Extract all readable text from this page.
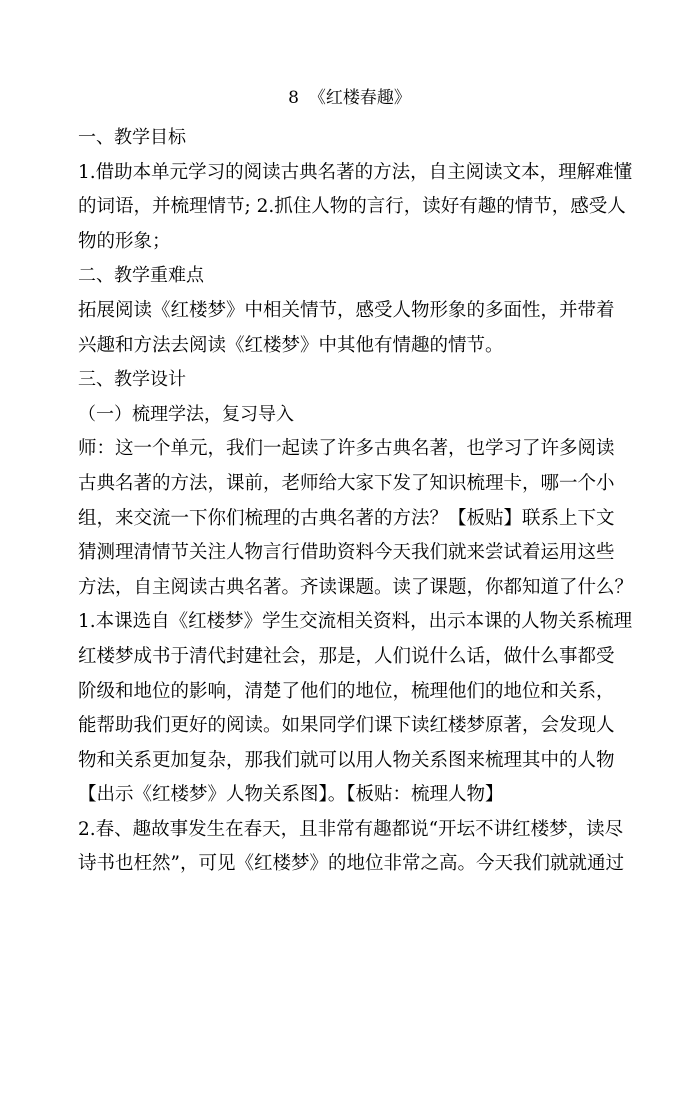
8 《红楼春趣》
一、教学目标
1.借助本单元学习的阅读古典名著的方法，自主阅读文本，理解难懂
的词语，并梳理情节; 2.抓住人物的言行，读好有趣的情节，感受人
物的形象；
二、教学重难点
拓展阅读《红楼梦》中相关情节，感受人物形象的多面性，并带着
兴趣和方法去阅读《红楼梦》中其他有情趣的情节。
三、教学设计
（一）梳理学法，复习导入
师：这一个单元，我们一起读了许多古典名著，也学习了许多阅读
古典名著的方法，课前，老师给大家下发了知识梳理卡，哪一个小
组，来交流一下你们梳理的古典名著的方法？【板贴】联系上下文
猜测理清情节关注人物言行借助资料今天我们就来尝试着运用这些
方法，自主阅读古典名著。齐读课题。读了课题，你都知道了什么？
1.本课选自《红楼梦》学生交流相关资料，出示本课的人物关系梳理
红楼梦成书于清代封建社会，那是，人们说什么话，做什么事都受
阶级和地位的影响，清楚了他们的地位，梳理他们的地位和关系，
能帮助我们更好的阅读。如果同学们课下读红楼梦原著，会发现人
物和关系更加复杂，那我们就可以用人物关系图来梳理其中的人物
【出示《红楼梦》人物关系图】。【板贴：梳理人物】
2.春、趣故事发生在春天，且非常有趣都说“开坛不讲红楼梦，读尽
诗书也枉然”，可见《红楼梦》的地位非常之高。今天我们就就通过
